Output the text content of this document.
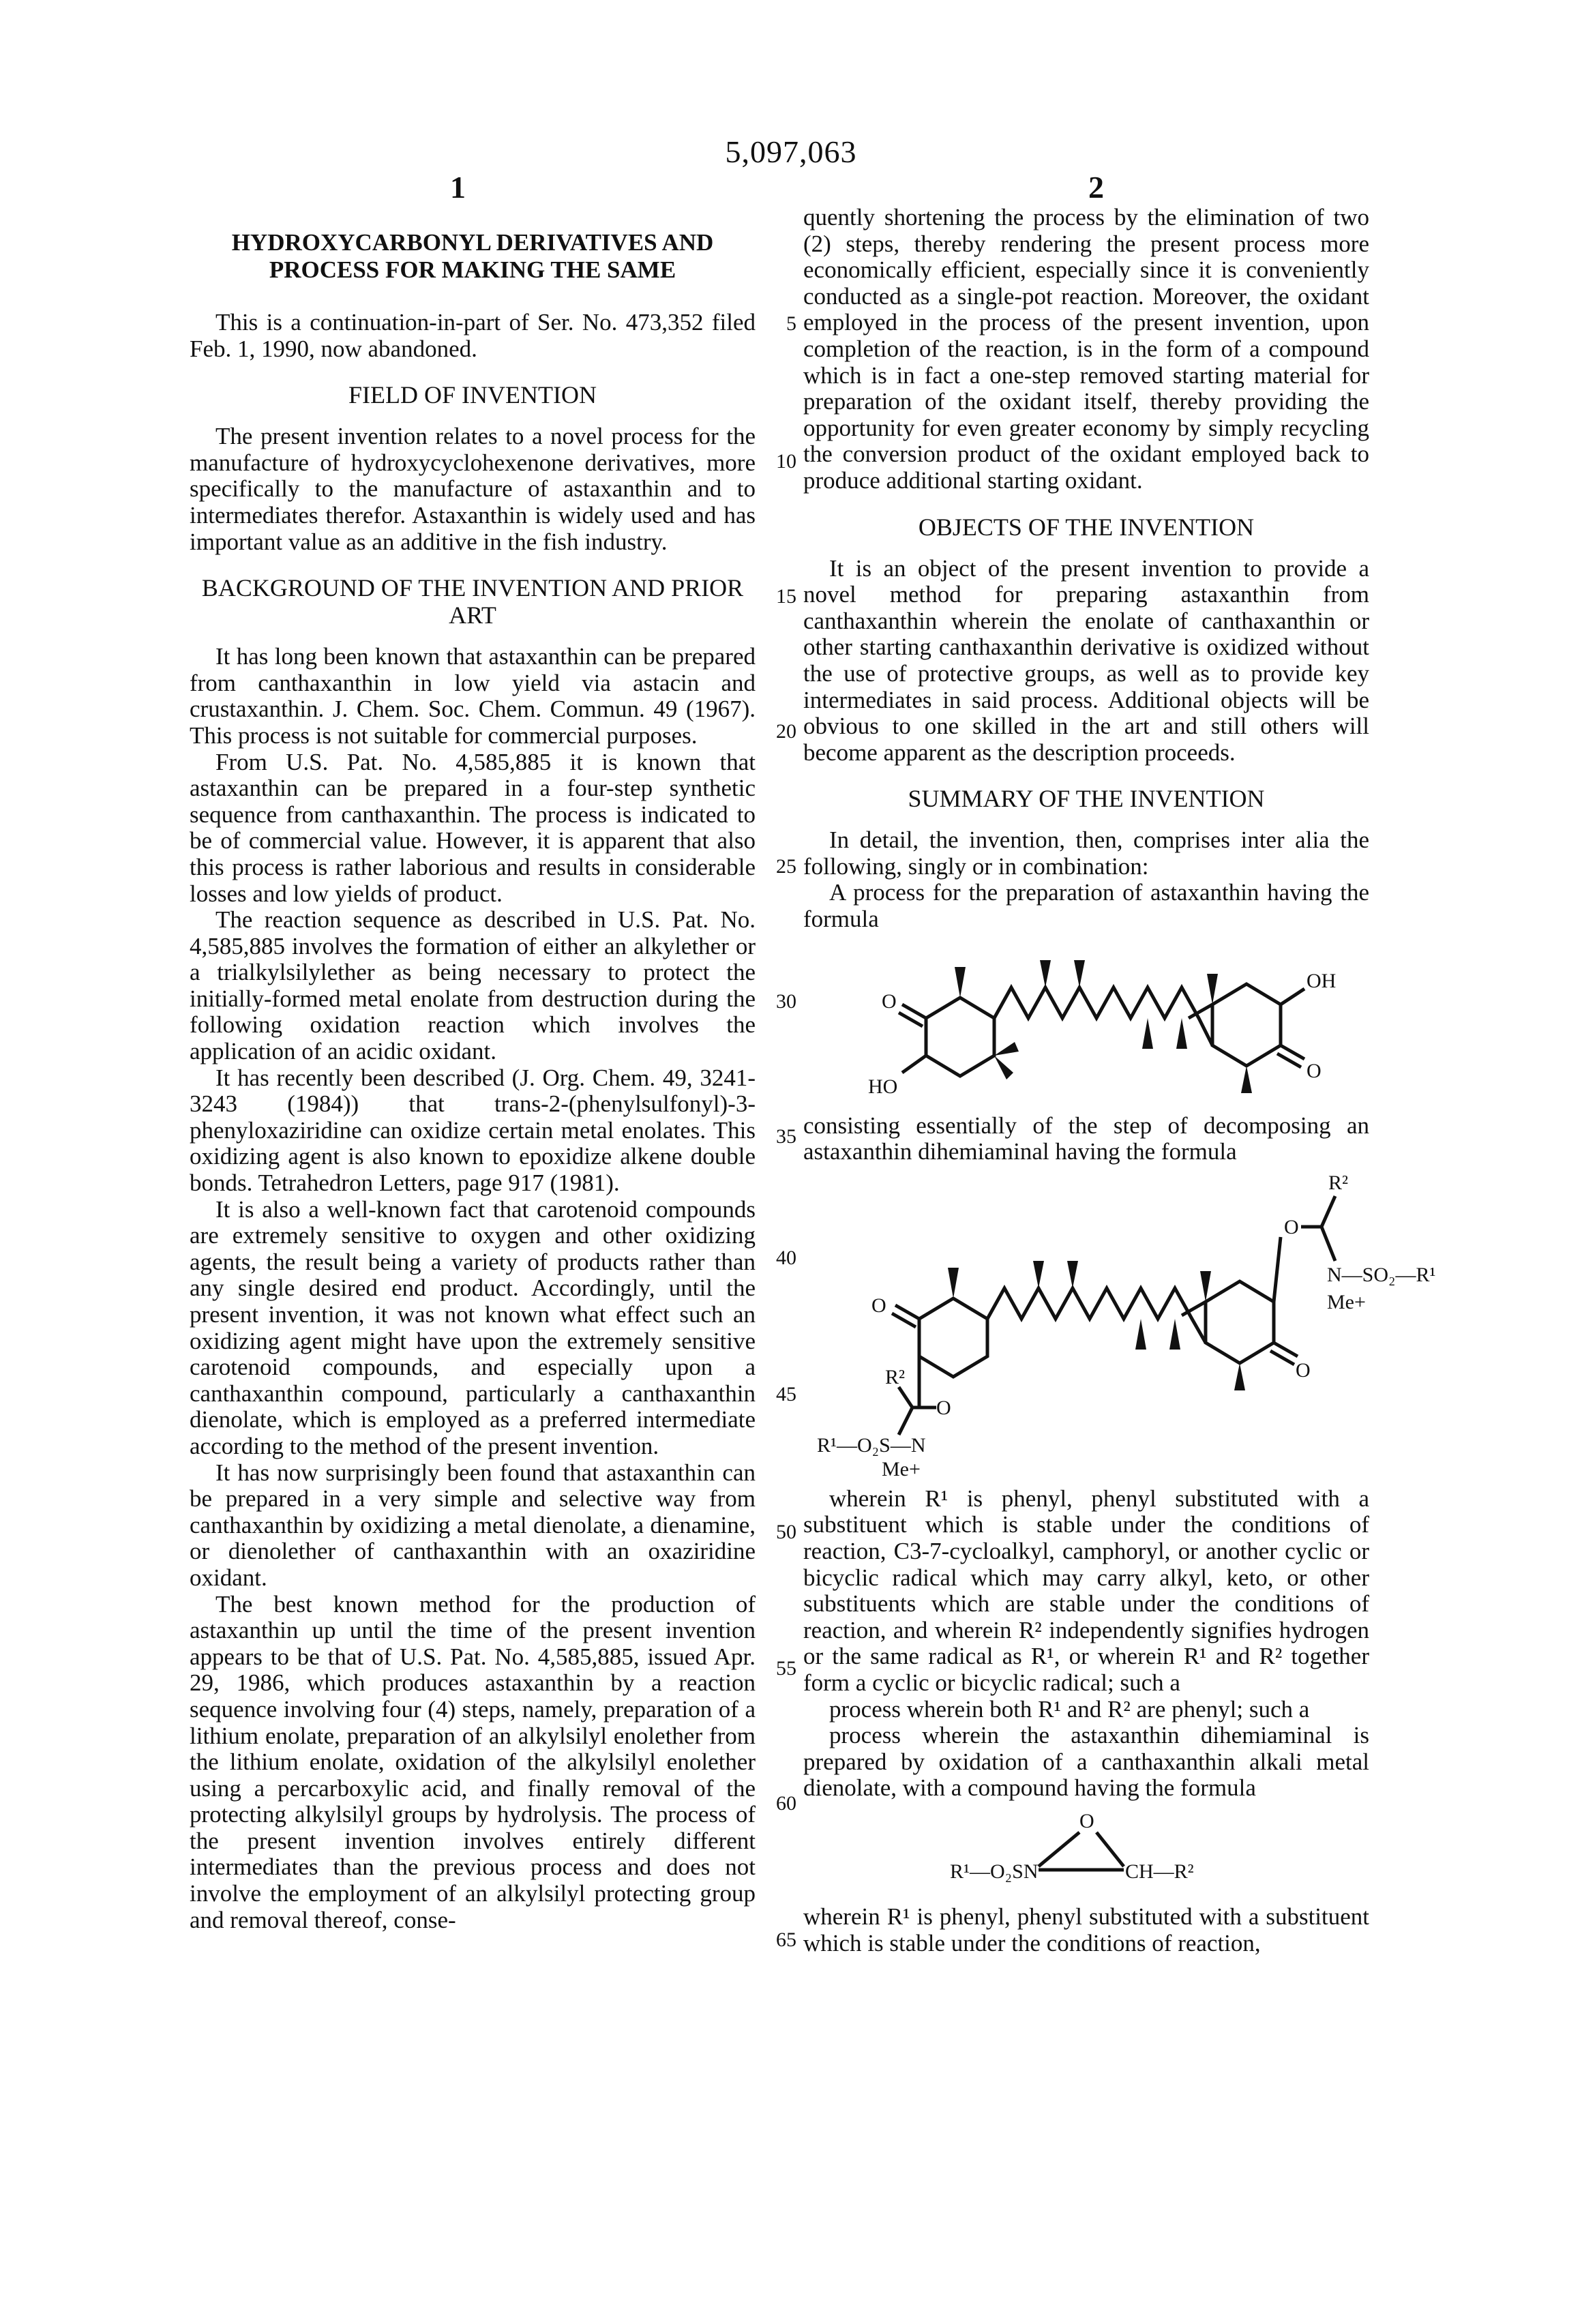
5,097,063
1	2
5
10
15
20
25
30
35
40
45
50
55
60
65
HYDROXYCARBONYL DERIVATIVES AND PROCESS FOR MAKING THE SAME

This is a continuation-in-part of Ser. No. 473,352 filed Feb. 1, 1990, now abandoned.

FIELD OF INVENTION

The present invention relates to a novel process for the manufacture of hydroxycyclohexenone derivatives, more specifically to the manufacture of astaxanthin and to intermediates therefor. Astaxanthin is widely used and has important value as an additive in the fish industry.

BACKGROUND OF THE INVENTION AND PRIOR ART

It has long been known that astaxanthin can be prepared from canthaxanthin in low yield via astacin and crustaxanthin. J. Chem. Soc. Chem. Commun. 49 (1967). This process is not suitable for commercial purposes.

From U.S. Pat. No. 4,585,885 it is known that astaxanthin can be prepared in a four-step synthetic sequence from canthaxanthin. The process is indicated to be of commercial value. However, it is apparent that also this process is rather laborious and results in considerable losses and low yields of product.

The reaction sequence as described in U.S. Pat. No. 4,585,885 involves the formation of either an alkylether or a trialkylsilylether as being necessary to protect the initially-formed metal enolate from destruction during the following oxidation reaction which involves the application of an acidic oxidant.

It has recently been described (J. Org. Chem. 49, 3241-3243 (1984)) that trans-2-(phenylsulfonyl)-3-phenyloxaziridine can oxidize certain metal enolates. This oxidizing agent is also known to epoxidize alkene double bonds. Tetrahedron Letters, page 917 (1981).

It is also a well-known fact that carotenoid compounds are extremely sensitive to oxygen and other oxidizing agents, the result being a variety of products rather than any single desired end product. Accordingly, until the present invention, it was not known what effect such an oxidizing agent might have upon the extremely sensitive carotenoid compounds, and especially upon a canthaxanthin compound, particularly a canthaxanthin dienolate, which is employed as a preferred intermediate according to the method of the present invention.

It has now surprisingly been found that astaxanthin can be prepared in a very simple and selective way from canthaxanthin by oxidizing a metal dienolate, a dienamine, or dienolether of canthaxanthin with an oxaziridine oxidant.

The best known method for the production of astaxanthin up until the time of the present invention appears to be that of U.S. Pat. No. 4,585,885, issued Apr. 29, 1986, which produces astaxanthin by a reaction sequence involving four (4) steps, namely, preparation of a lithium enolate, preparation of an alkylsilyl enolether from the lithium enolate, oxidation of the alkylsilyl enolether using a percarboxylic acid, and finally removal of the protecting alkylsilyl groups by hydrolysis. The process of the present invention involves entirely different intermediates than the previous process and does not involve the employment of an alkylsilyl protecting group and removal thereof, conse-

quently shortening the process by the elimination of two (2) steps, thereby rendering the present process more economically efficient, especially since it is conveniently conducted as a single-pot reaction. Moreover, the oxidant employed in the process of the present invention, upon completion of the reaction, is in the form of a compound which is in fact a one-step removed starting material for preparation of the oxidant itself, thereby providing the opportunity for even greater economy by simply recycling the conversion product of the oxidant employed back to produce additional starting oxidant.

OBJECTS OF THE INVENTION

It is an object of the present invention to provide a novel method for preparing astaxanthin from canthaxanthin wherein the enolate of canthaxanthin or other starting canthaxanthin derivative is oxidized without the use of protective groups, as well as to provide key intermediates in said process. Additional objects will be obvious to one skilled in the art and still others will become apparent as the description proceeds.

SUMMARY OF THE INVENTION

In detail, the invention, then, comprises inter alia the following, singly or in combination:

A process for the preparation of astaxanthin having the formula

O
HO
OH
O

consisting essentially of the step of decomposing an astaxanthin dihemiaminal having the formula

O
R²
O
R¹—O₂S—N
Me+
R²
O
N—SO₂—R¹
Me+
O

wherein R¹ is phenyl, phenyl substituted with a substituent which is stable under the conditions of reaction, C3-7-cycloalkyl, camphoryl, or another cyclic or bicyclic radical which may carry alkyl, keto, or other substituents which are stable under the conditions of reaction, and wherein R² independently signifies hydrogen or the same radical as R¹, or wherein R¹ and R² together form a cyclic or bicyclic radical; such a

process wherein both R¹ and R² are phenyl; such a

process wherein the astaxanthin dihemiaminal is prepared by oxidation of a canthaxanthin alkali metal dienolate, with a compound having the formula

O
R¹—O₂SN	CH—R²

wherein R¹ is phenyl, phenyl substituted with a substituent which is stable under the conditions of reaction,
